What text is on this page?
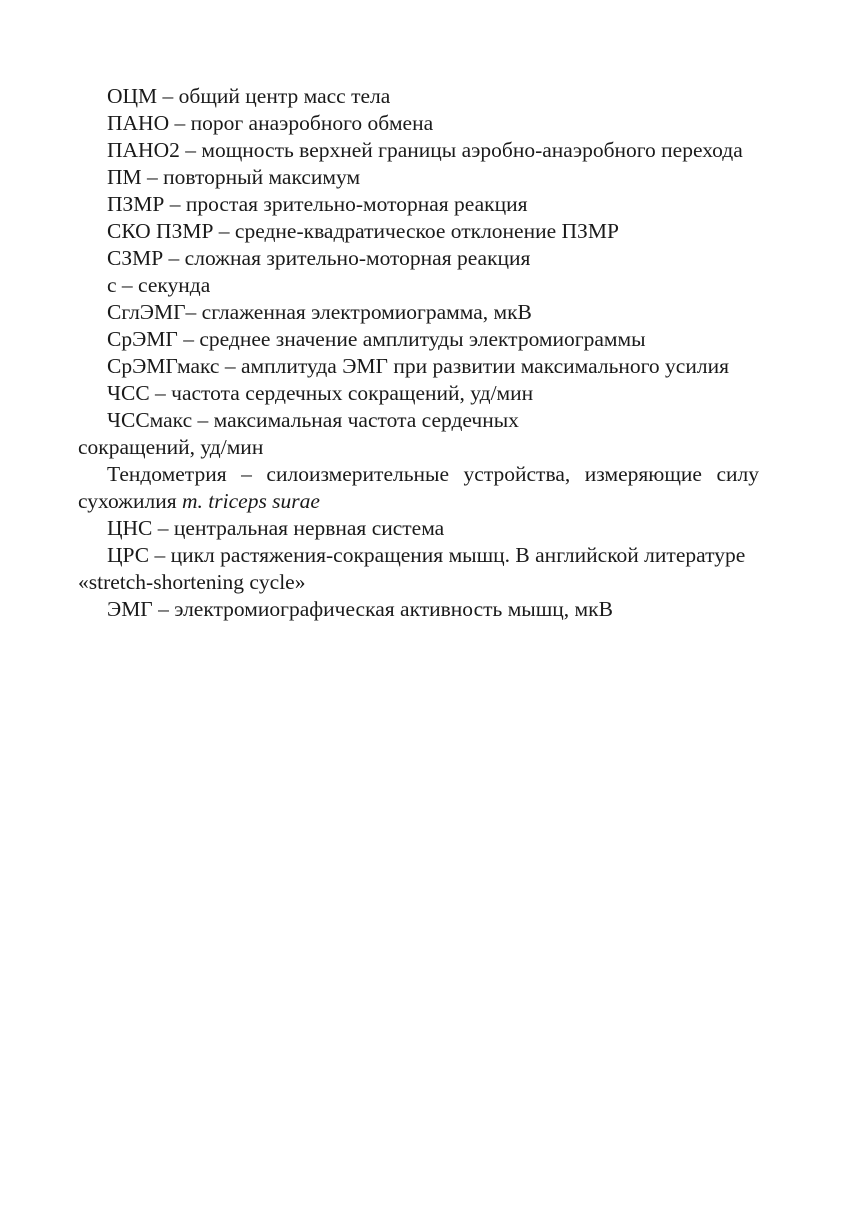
ОЦМ – общий центр масс тела

ПАНО – порог анаэробного обмена

ПАНО2 – мощность верхней границы аэробно-анаэробного перехода

ПМ – повторный максимум

ПЗМР – простая зрительно-моторная реакция

СКО ПЗМР – средне-квадратическое отклонение ПЗМР

СЗМР – сложная зрительно-моторная реакция

с – секунда

СглЭМГ– сглаженная электромиограмма, мкВ

СрЭМГ – среднее значение амплитуды электромиограммы

СрЭМГмакс – амплитуда ЭМГ при развитии максимального усилия

ЧСС – частота сердечных сокращений, уд/мин

ЧССмакс – максимальная частота сердечных
сокращений, уд/мин

Тендометрия – силоизмерительные устройства, измеряющие силу сухожилия m. triceps surae

ЦНС – центральная нервная система

ЦРС – цикл растяжения-сокращения мышц. В английской литературе «stretch-shortening cycle»

ЭМГ – электромиографическая активность мышц, мкВ
